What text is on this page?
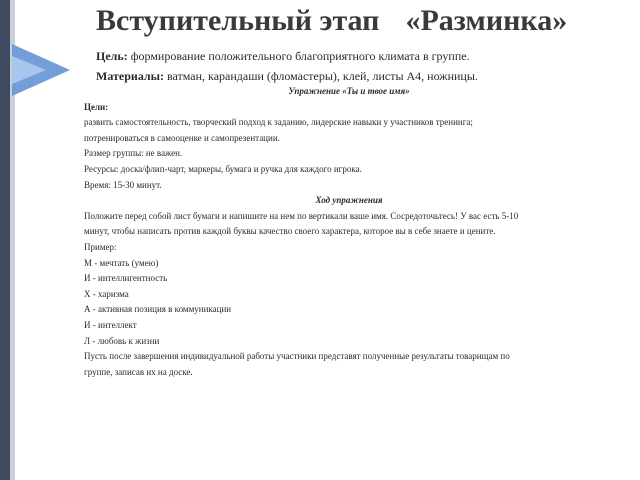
Вступительный этап «Разминка»
Цель: формирование положительного благоприятного климата в группе.
Материалы: ватман, карандаши (фломастеры), клей, листы А4, ножницы.

Упражнение «Ты и твое имя»

Цели:

развить самостоятельность, творческий подход к заданию, лидерские навыки у участников тренинга;

потренироваться в самооценке и самопрезентации.

Размер группы: не важен.

Ресурсы: доска/флип-чарт, маркеры, бумага и ручка для каждого игрока.

Время: 15-30 минут.

Ход упражнения

Положите перед собой лист бумаги и напишите на нем по вертикали ваше имя. Сосредоточьтесь! У вас есть 5-10

минут, чтобы написать против каждой буквы качество своего характера, которое вы в себе знаете и цените.

Пример:

М - мечтать (умею)

И - интеллигентность

Х - харизма

А - активная позиция в коммуникации

И - интеллект

Л - любовь к жизни

Пусть после завершения индивидуальной работы участники представят полученные результаты товарищам по

группе, записав их на доске.
